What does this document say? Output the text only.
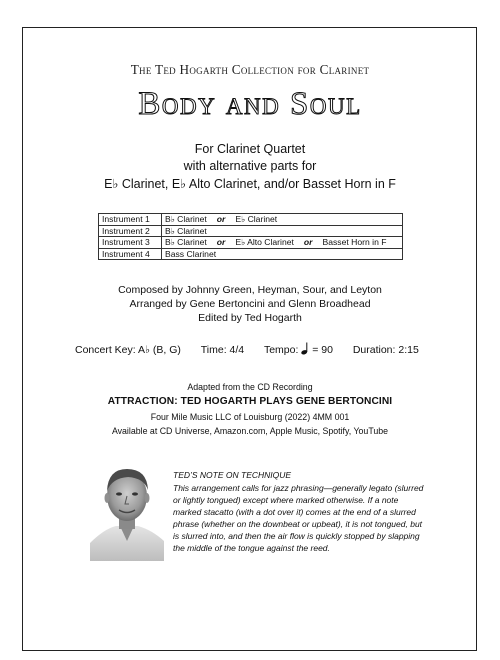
The Ted Hogarth Collection for Clarinet
Body and Soul
For Clarinet Quartet
with alternative parts for
E♭ Clarinet, E♭ Alto Clarinet, and/or Basset Horn in F
Instrument 1	B♭ Clarinet or E♭ Clarinet
Instrument 2	B♭ Clarinet
Instrument 3	B♭ Clarinet or E♭ Alto Clarinet or Basset Horn in F
Instrument 4	Bass Clarinet
Composed by Johnny Green, Heyman, Sour, and Leyton
Arranged by Gene Bertoncini and Glenn Broadhead
Edited by Ted Hogarth
Concert Key: A♭ (B, G) Time: 4/4 Tempo: = 90 Duration: 2:15
Adapted from the CD Recording
ATTRACTION: TED HOGARTH PLAYS GENE BERTONCINI
Four Mile Music LLC of Louisburg (2022) 4MM 001
Available at CD Universe, Amazon.com, Apple Music, Spotify, YouTube
TED’S NOTE ON TECHNIQUE
This arrangement calls for jazz phrasing—generally legato (slurred
or lightly tongued) except where marked otherwise. If a note
marked stacatto (with a dot over it) comes at the end of a slurred
phrase (whether on the downbeat or upbeat), it is not tongued, but
is slurred into, and then the air flow is quickly stopped by slapping
the middle of the tongue against the reed.
